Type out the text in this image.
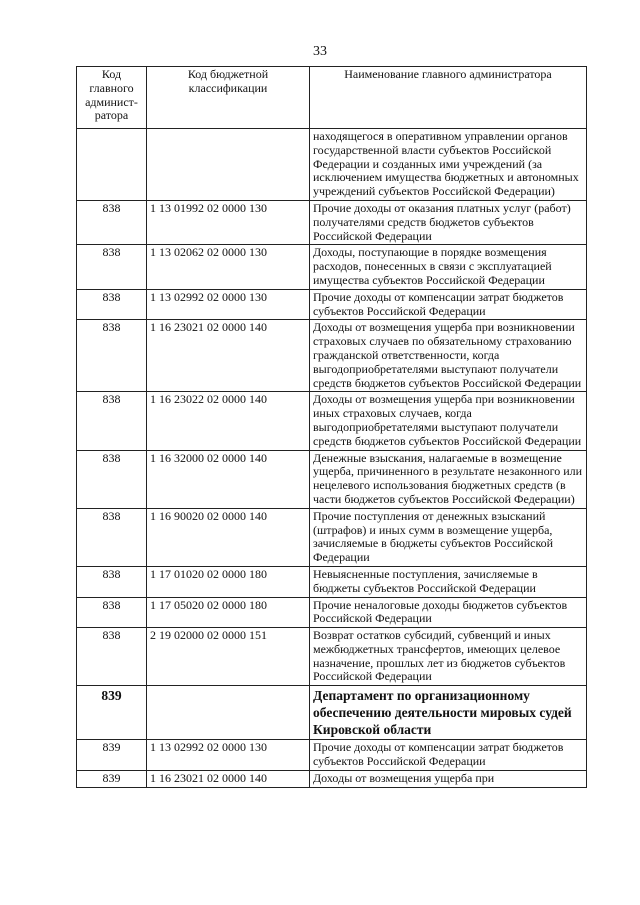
33
Код главного админист-ратора	Код бюджетной классификации	Наименование главного администратора
		находящегося в оперативном управлении органов государственной власти субъектов Российской Федерации и созданных ими учреждений (за исключением имущества бюджетных и автономных учреждений субъектов Российской Федерации)
838	1 13 01992 02 0000 130	Прочие доходы от оказания платных услуг (работ) получателями средств бюджетов субъектов Российской Федерации
838	1 13 02062 02 0000 130	Доходы, поступающие в порядке возмещения расходов, понесенных в связи с эксплуатацией имущества субъектов Российской Федерации
838	1 13 02992 02 0000 130	Прочие доходы от компенсации затрат бюджетов субъектов Российской Федерации
838	1 16 23021 02 0000 140	Доходы от возмещения ущерба при возникновении страховых случаев по обязательному страхованию гражданской ответственности, когда выгодоприобретателями выступают получатели средств бюджетов субъектов Российской Федерации
838	1 16 23022 02 0000 140	Доходы от возмещения ущерба при возникновении иных страховых случаев, когда выгодоприобретателями выступают получатели средств бюджетов субъектов Российской Федерации
838	1 16 32000 02 0000 140	Денежные взыскания, налагаемые в возмещение ущерба, причиненного в результате незаконного или нецелевого использования бюджетных средств (в части бюджетов субъектов Российской Федерации)
838	1 16 90020 02 0000 140	Прочие поступления от денежных взысканий (штрафов) и иных сумм в возмещение ущерба, зачисляемые в бюджеты субъектов Российской Федерации
838	1 17 01020 02 0000 180	Невыясненные поступления, зачисляемые в бюджеты субъектов Российской Федерации
838	1 17 05020 02 0000 180	Прочие неналоговые доходы бюджетов субъектов Российской Федерации
838	2 19 02000 02 0000 151	Возврат остатков субсидий, субвенций и иных межбюджетных трансфертов, имеющих целевое назначение, прошлых лет из бюджетов субъектов Российской Федерации
839		Департамент по организационному обеспечению деятельности мировых судей Кировской области
839	1 13 02992 02 0000 130	Прочие доходы от компенсации затрат бюджетов субъектов Российской Федерации
839	1 16 23021 02 0000 140	Доходы от возмещения ущерба при
